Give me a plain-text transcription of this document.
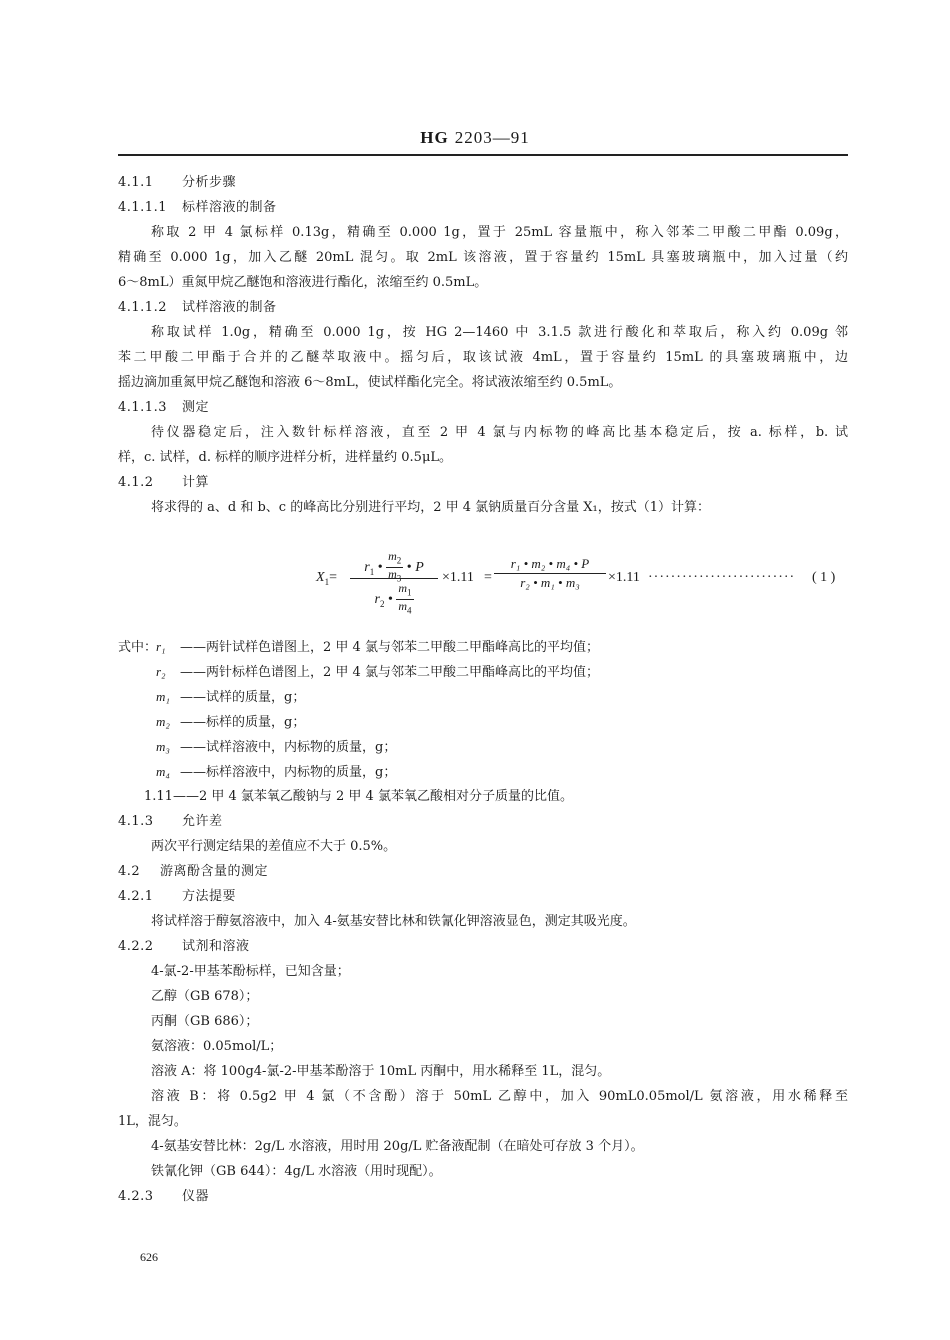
HG 2203—91
4.1.1 分析步骤
4.1.1.1 标样溶液的制备
称取 2 甲 4 氯标样 0.13g，精确至 0.000 1g，置于 25mL 容量瓶中，称入邻苯二甲酸二甲酯 0.09g，
精确至 0.000 1g，加入乙醚 20mL 混匀。取 2mL 该溶液，置于容量约 15mL 具塞玻璃瓶中，加入过量（约
6～8mL）重氮甲烷乙醚饱和溶液进行酯化，浓缩至约 0.5mL。
4.1.1.2 试样溶液的制备
称取试样 1.0g，精确至 0.000 1g，按 HG 2—1460 中 3.1.5 款进行酸化和萃取后，称入约 0.09g 邻
苯二甲酸二甲酯于合并的乙醚萃取液中。摇匀后，取该试液 4mL，置于容量约 15mL 的具塞玻璃瓶中，边
摇边滴加重氮甲烷乙醚饱和溶液 6～8mL，使试样酯化完全。将试液浓缩至约 0.5mL。
4.1.1.3 测定
待仪器稳定后，注入数针标样溶液，直至 2 甲 4 氯与内标物的峰高比基本稳定后，按 a. 标样，b. 试
样，c. 试样，d. 标样的顺序进样分析，进样量约 0.5μL。
4.1.2 计算
将求得的 a、d 和 b、c 的峰高比分别进行平均，2 甲 4 氯钠质量百分含量 X₁，按式（1）计算：
$X_1=$
$r_1$ • $\frac{m_2}{m_3}$ • P
$r_2$ • $\frac{m_1}{m_4}$
×1.11 =
r₁ • m₂ • m₄ • P
r₂ • m₁ • m₃	×1.11 ·························· ( 1 )
式中：r₁ ——两针试样色谱图上，2 甲 4 氯与邻苯二甲酸二甲酯峰高比的平均值；
r₂ ——两针标样色谱图上，2 甲 4 氯与邻苯二甲酸二甲酯峰高比的平均值；
m₁ ——试样的质量，g；
m₂ ——标样的质量，g；
m₃ ——试样溶液中，内标物的质量，g；
m₄ ——标样溶液中，内标物的质量，g；
1.11——2 甲 4 氯苯氧乙酸钠与 2 甲 4 氯苯氧乙酸相对分子质量的比值。
4.1.3 允许差
两次平行测定结果的差值应不大于 0.5%。
4.2 游离酚含量的测定
4.2.1 方法提要
将试样溶于醇氨溶液中，加入 4-氨基安替比林和铁氰化钾溶液显色，测定其吸光度。
4.2.2 试剂和溶液
4-氯-2-甲基苯酚标样，已知含量；
乙醇（GB 678）；
丙酮（GB 686）；
氨溶液：0.05mol/L；
溶液 A：将 100g4-氯-2-甲基苯酚溶于 10mL 丙酮中，用水稀释至 1L，混匀。
溶液 B：将 0.5g2 甲 4 氯（不含酚）溶于 50mL 乙醇中，加入 90mL0.05mol/L 氨溶液，用水稀释至
1L，混匀。
4-氨基安替比林：2g/L 水溶液，用时用 20g/L 贮备液配制（在暗处可存放 3 个月）。
铁氰化钾（GB 644）：4g/L 水溶液（用时现配）。
4.2.3 仪器
626
